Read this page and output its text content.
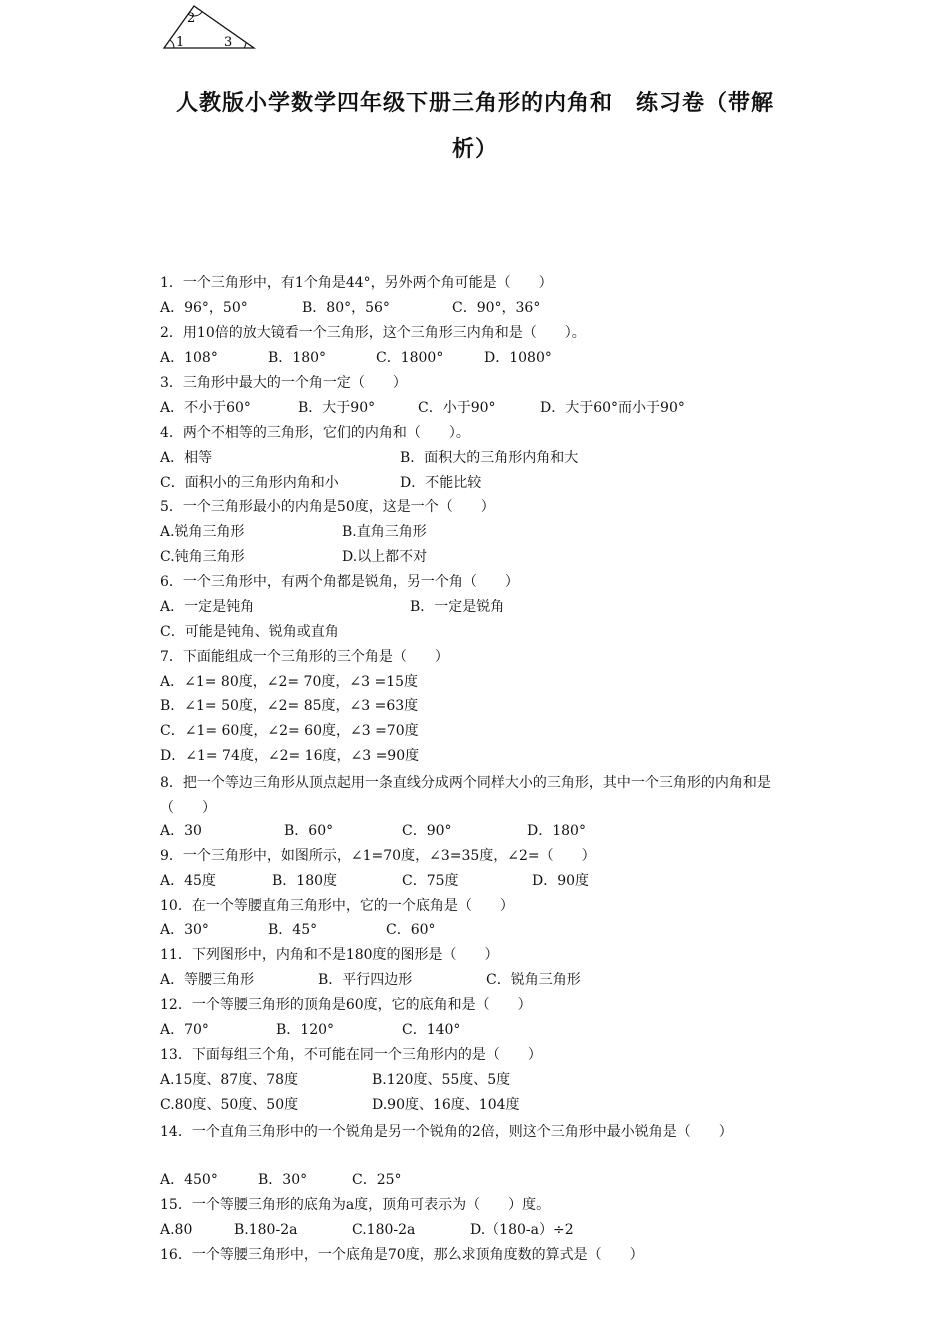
2
1	3
人教版小学数学四年级下册三角形的内角和　练习卷（带解
析）
1．一个三角形中，有1个角是44°，另外两个角可能是（　　）
A．96°，50°	B．80°，56°	C．90°，36°
2．用10倍的放大镜看一个三角形，这个三角形三内角和是（　　）。
A．108°	B．180°	C．1800°	D．1080°
3．三角形中最大的一个角一定（　　）
A．不小于60°	B．大于90°	C．小于90°	D．大于60°而小于90°
4．两个不相等的三角形，它们的内角和（　　）。
A．相等	B．面积大的三角形内角和大
C．面积小的三角形内角和小	D．不能比较
5．一个三角形最小的内角是50度，这是一个（　　）
A.锐角三角形	B.直角三角形
C.钝角三角形	D.以上都不对
6．一个三角形中，有两个角都是锐角，另一个角（　　）
A．一定是钝角	B．一定是锐角
C．可能是钝角、锐角或直角
7．下面能组成一个三角形的三个角是（　　）
A．∠1= 80度，∠2= 70度，∠3 =15度
B．∠1= 50度，∠2= 85度，∠3 =63度
C．∠1= 60度，∠2= 60度，∠3 =70度
D．∠1= 74度，∠2= 16度，∠3 =90度
8．把一个等边三角形从顶点起用一条直线分成两个同样大小的三角形，其中一个三角形的内角和是（　　）
A．30	B．60°	C．90°	D．180°
9．一个三角形中，如图所示，∠1=70度，∠3=35度，∠2=（　　）
A．45度	B．180度	C．75度	D．90度
10．在一个等腰直角三角形中，它的一个底角是（　　）
A．30°	B．45°	C．60°
11．下列图形中，内角和不是180度的图形是（　　）
A．等腰三角形	B．平行四边形	C．锐角三角形
12．一个等腰三角形的顶角是60度，它的底角和是（　　）
A．70°	B．120°	C．140°
13．下面每组三个角，不可能在同一个三角形内的是（　　）
A.15度、87度、78度	B.120度、55度、5度
C.80度、50度、50度	D.90度、16度、104度
14．一个直角三角形中的一个锐角是另一个锐角的2倍，则这个三角形中最小锐角是（　　）
A．450°	B．30°	C．25°
15．一个等腰三角形的底角为a度，顶角可表示为（　　）度。
A.80	B.180-2a	C.180-2a	D.（180-a）÷2
16．一个等腰三角形中，一个底角是70度，那么求顶角度数的算式是（　　）
